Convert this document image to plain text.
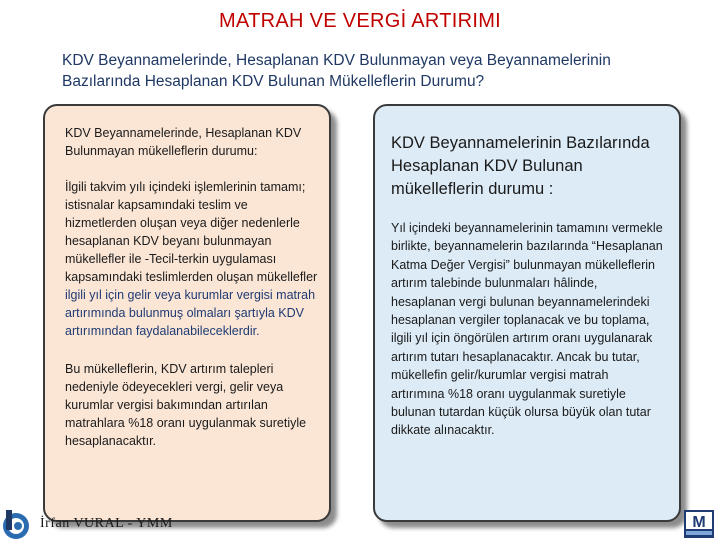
MATRAH VE VERGİ ARTIRIMI
KDV Beyannamelerinde, Hesaplanan KDV Bulunmayan veya Beyannamelerinin Bazılarında Hesaplanan KDV Bulunan Mükelleflerin Durumu?

KDV Beyannamelerinde, Hesaplanan KDV Bulunmayan mükelleflerin durumu:

İlgili takvim yılı içindeki işlemlerinin tamamı; istisnalar kapsamındaki teslim ve hizmetlerden oluşan veya diğer nedenlerle hesaplanan KDV beyanı bulunmayan mükellefler ile -Tecil-terkin uygulaması kapsamındaki teslimlerden oluşan mükellefler
ilgili yıl için gelir veya kurumlar vergisi matrah artırımında bulunmuş olmaları şartıyla KDV artırımından faydalanabileceklerdir.

Bu mükelleflerin, KDV artırım talepleri nedeniyle ödeyecekleri vergi, gelir veya kurumlar vergisi bakımından artırılan matrahlara %18 oranı uygulanmak suretiyle hesaplanacaktır.

KDV Beyannamelerinin Bazılarında Hesaplanan KDV Bulunan mükelleflerin durumu :

Yıl içindeki beyannamelerinin tamamını vermekle birlikte, beyannamelerin bazılarında “Hesaplanan Katma Değer Vergisi” bulunmayan mükelleflerin artırım talebinde bulunmaları hâlinde, hesaplanan vergi bulunan beyannamelerindeki hesaplanan vergiler toplanacak ve bu toplama, ilgili yıl için öngörülen artırım oranı uygulanarak artırım tutarı hesaplanacaktır. Ancak bu tutar, mükellefin gelir/kurumlar vergisi matrah artırımına %18 oranı uygulanmak suretiyle bulunan tutardan küçük olursa büyük olan tutar dikkate alınacaktır.

İrfan VURAL - YMM	M
